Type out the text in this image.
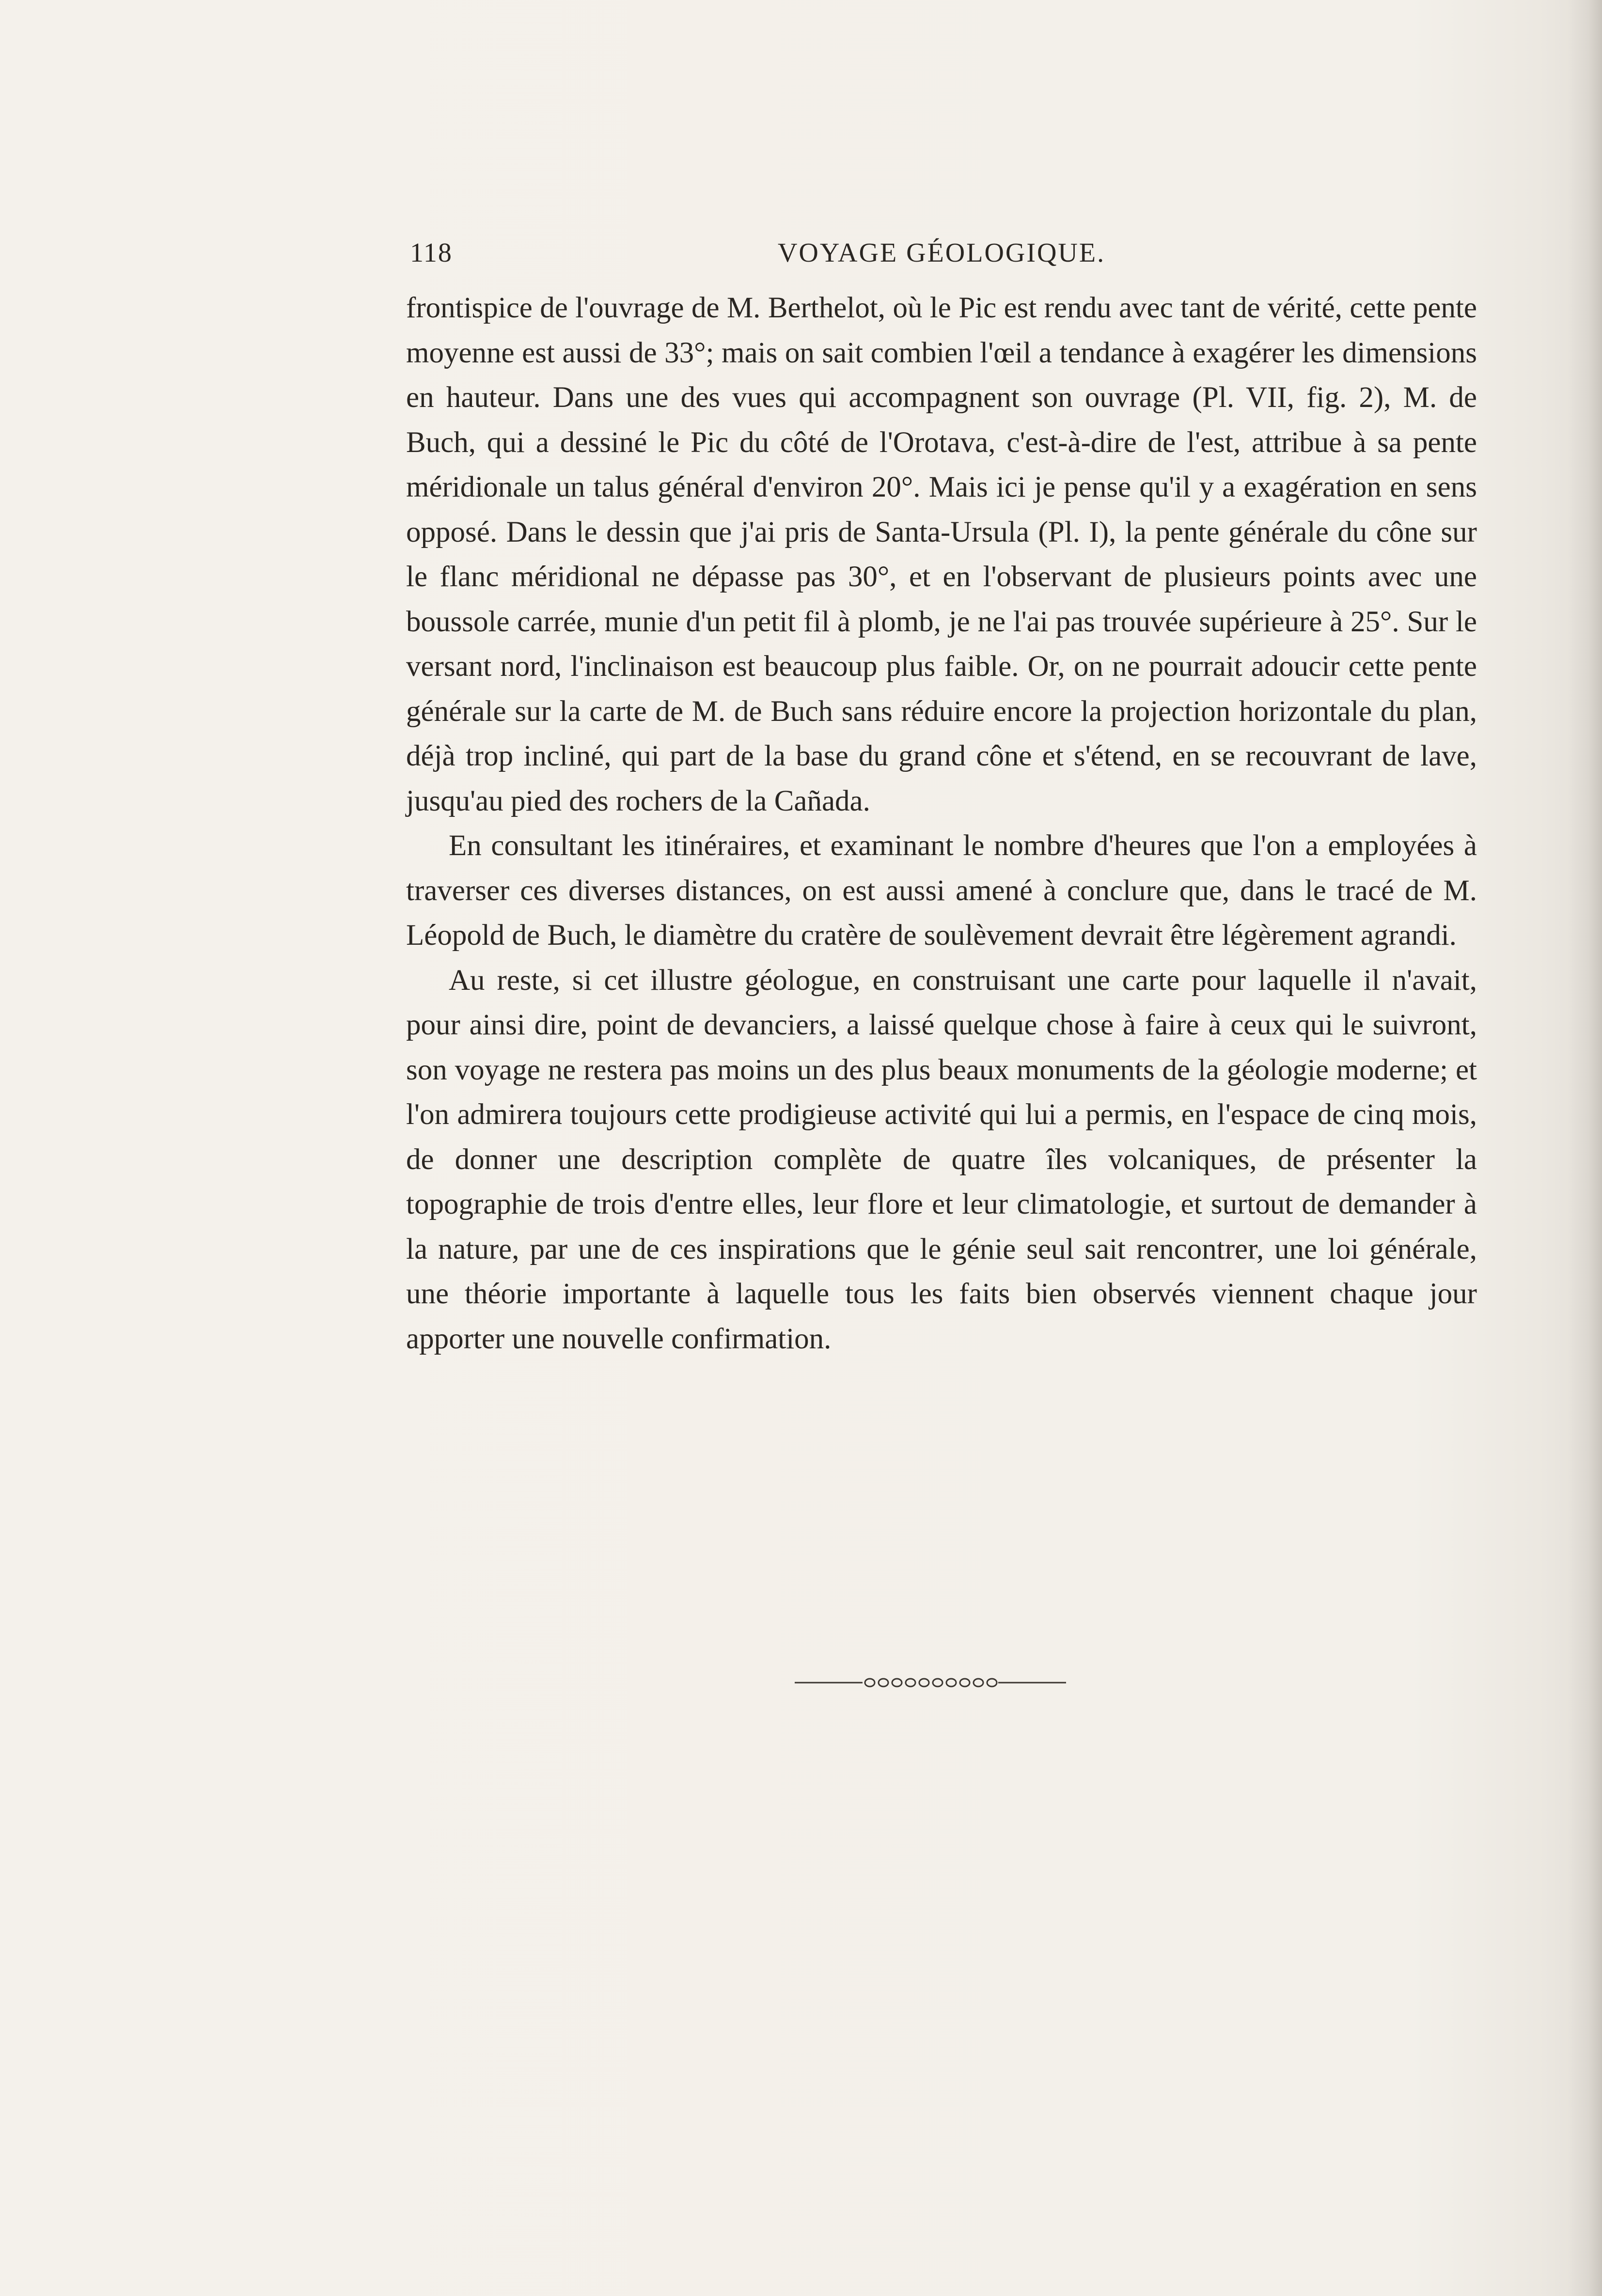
118	VOYAGE GÉOLOGIQUE.

frontispice de l'ouvrage de M. Berthelot, où le Pic est rendu avec tant de vérité, cette pente moyenne est aussi de 33°; mais on sait combien l'œil a tendance à exagérer les dimensions en hauteur. Dans une des vues qui accompagnent son ouvrage (Pl. VII, fig. 2), M. de Buch, qui a dessiné le Pic du côté de l'Orotava, c'est-à-dire de l'est, attribue à sa pente méridionale un talus général d'environ 20°. Mais ici je pense qu'il y a exagération en sens opposé. Dans le dessin que j'ai pris de Santa-Ursula (Pl. I), la pente générale du cône sur le flanc méridional ne dépasse pas 30°, et en l'observant de plusieurs points avec une boussole carrée, munie d'un petit fil à plomb, je ne l'ai pas trouvée supérieure à 25°. Sur le versant nord, l'inclinaison est beaucoup plus faible. Or, on ne pourrait adoucir cette pente générale sur la carte de M. de Buch sans réduire encore la projection horizontale du plan, déjà trop incliné, qui part de la base du grand cône et s'étend, en se recouvrant de lave, jusqu'au pied des rochers de la Cañada.

En consultant les itinéraires, et examinant le nombre d'heures que l'on a employées à traverser ces diverses distances, on est aussi amené à conclure que, dans le tracé de M. Léopold de Buch, le diamètre du cratère de soulèvement devrait être légèrement agrandi.

Au reste, si cet illustre géologue, en construisant une carte pour laquelle il n'avait, pour ainsi dire, point de devanciers, a laissé quelque chose à faire à ceux qui le suivront, son voyage ne restera pas moins un des plus beaux monuments de la géologie moderne; et l'on admirera toujours cette prodigieuse activité qui lui a permis, en l'espace de cinq mois, de donner une description complète de quatre îles volcaniques, de présenter la topographie de trois d'entre elles, leur flore et leur climatologie, et surtout de demander à la nature, par une de ces inspirations que le génie seul sait rencontrer, une loi générale, une théorie importante à laquelle tous les faits bien observés viennent chaque jour apporter une nouvelle confirmation.
